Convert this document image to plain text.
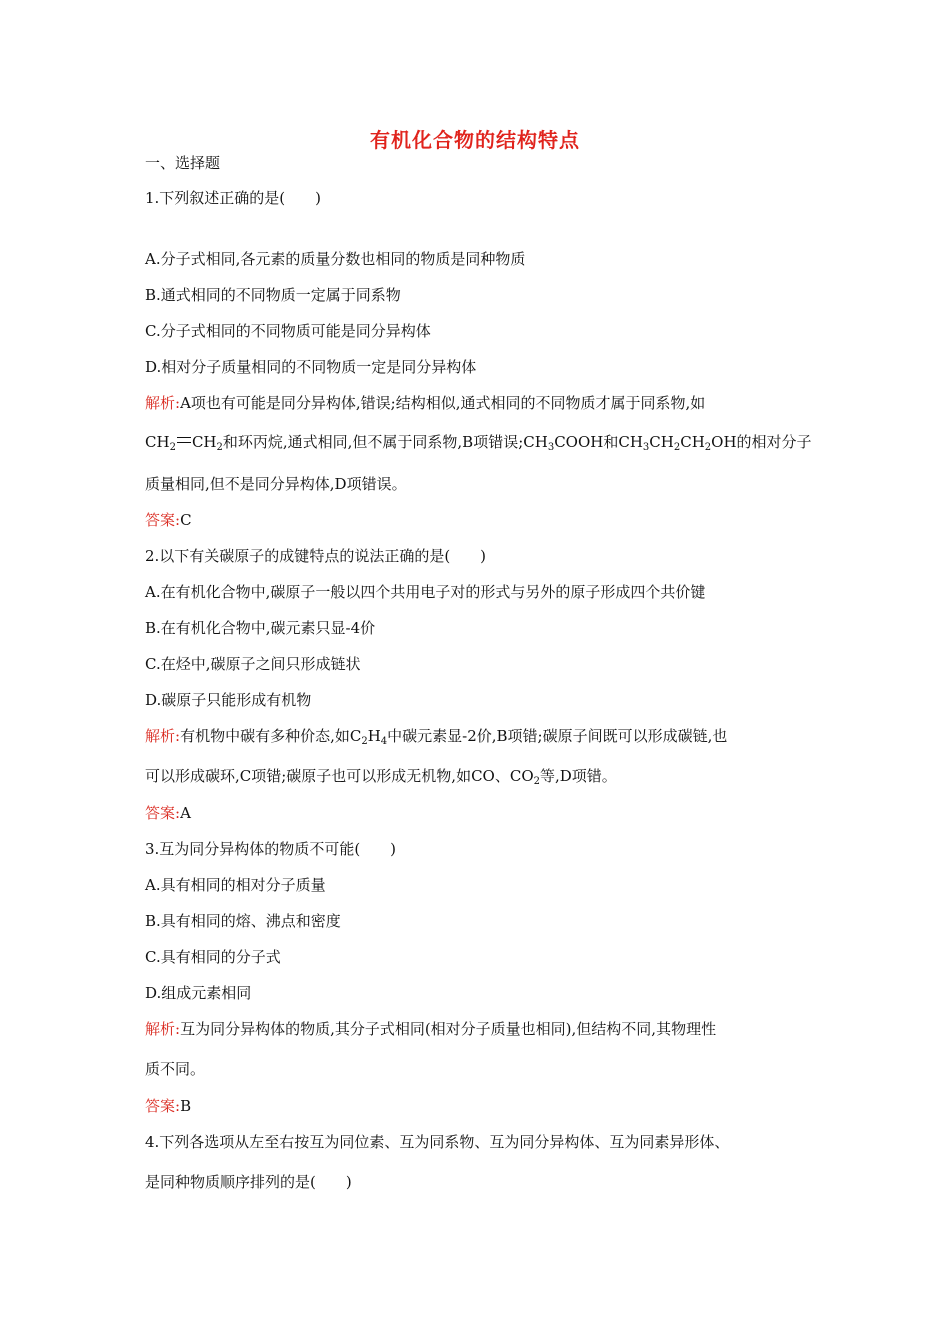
有机化合物的结构特点
一、选择题
1.下列叙述正确的是(　　)
A.分子式相同,各元素的质量分数也相同的物质是同种物质
B.通式相同的不同物质一定属于同系物
C.分子式相同的不同物质可能是同分异构体
D.相对分子质量相同的不同物质一定是同分异构体
解析:A项也有可能是同分异构体,错误;结构相似,通式相同的不同物质才属于同系物,如
$CH_2$ $CH_2$和环丙烷,通式相同,但不属于同系物,B项错误$;CH_3COOH$和$CH_3CH_2CH_2OH$的相对分子
质量相同,但不是同分异构体,D项错误。
答案:C
2.以下有关碳原子的成键特点的说法正确的是(　　)
A.在有机化合物中,碳原子一般以四个共用电子对的形式与另外的原子形成四个共价键
B.在有机化合物中,碳元素只显-4价
C.在烃中,碳原子之间只形成链状
D.碳原子只能形成有机物
解析:有机物中碳有多种价态,如$C_2H_4$中碳元素显-2价,B项错;碳原子间既可以形成碳链,也
可以形成碳环,C项错;碳原子也可以形成无机物,如CO、$CO_2$等,D项错。
答案:A
3.互为同分异构体的物质不可能(　　)
A.具有相同的相对分子质量
B.具有相同的熔、沸点和密度
C.具有相同的分子式
D.组成元素相同
解析:互为同分异构体的物质,其分子式相同(相对分子质量也相同),但结构不同,其物理性
质不同。
答案:B
4.下列各选项从左至右按互为同位素、互为同系物、互为同分异构体、互为同素异形体、
是同种物质顺序排列的是(　　)
